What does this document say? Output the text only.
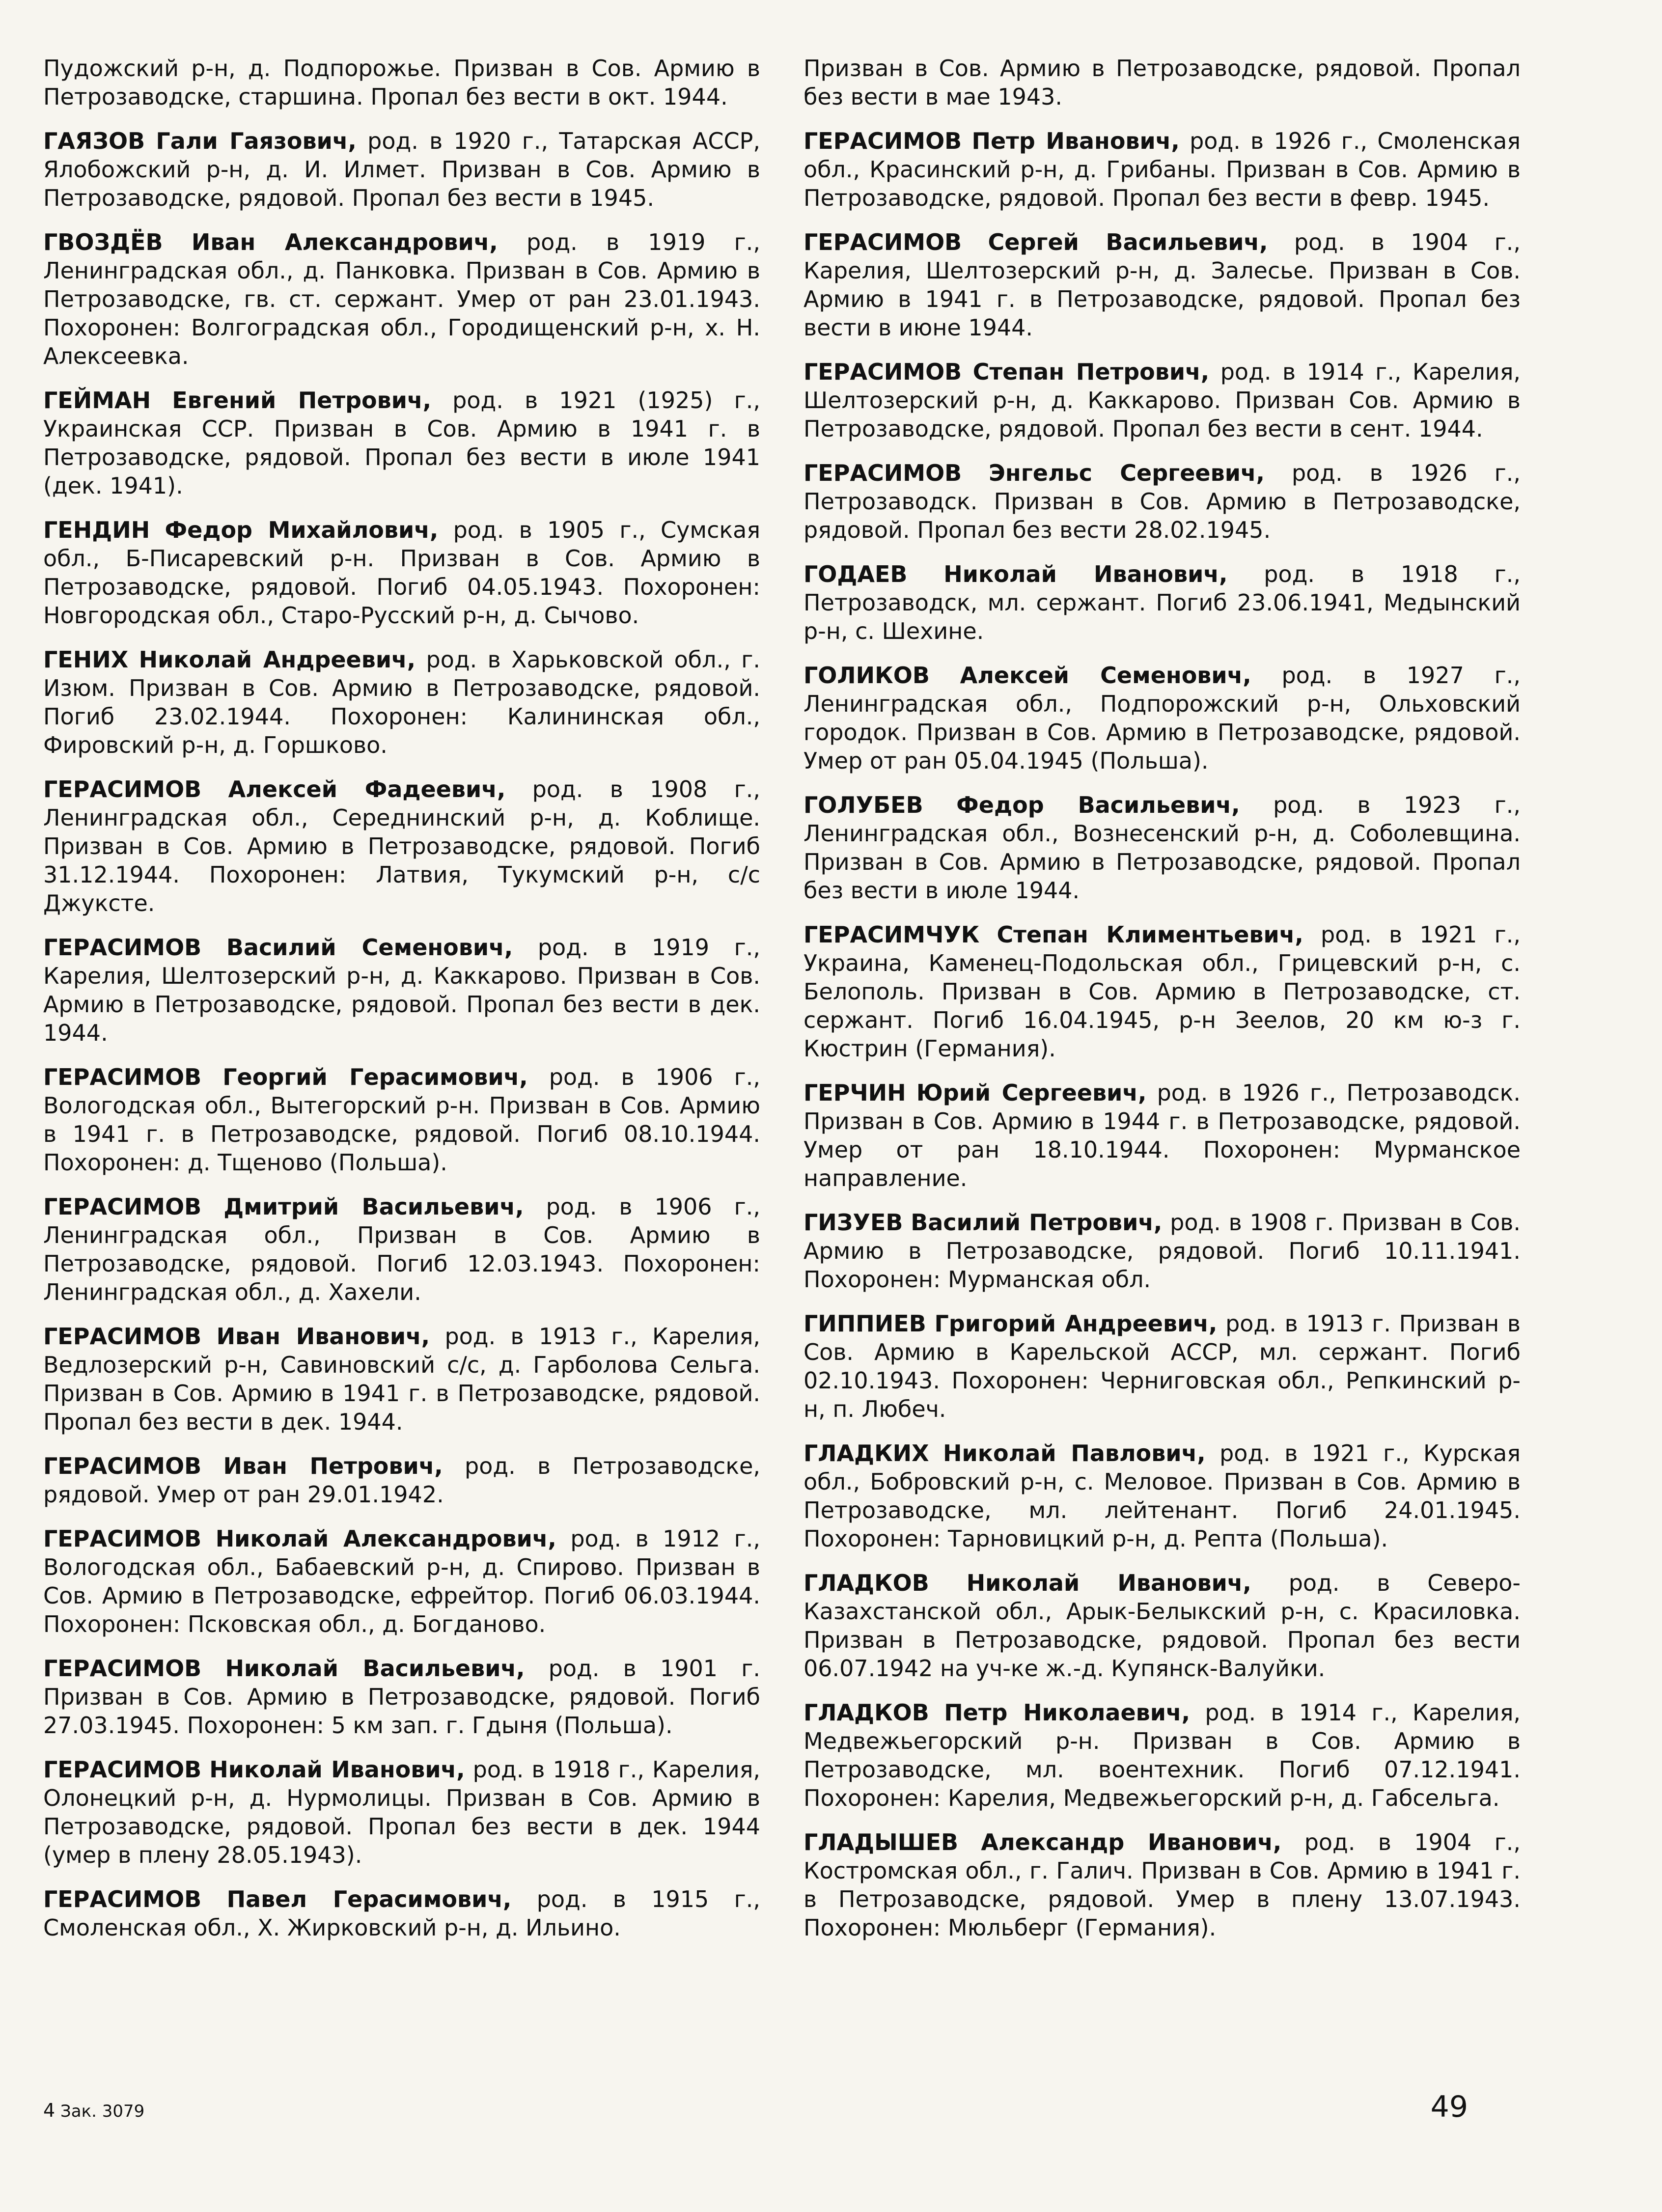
Пудожский р-н, д. Подпорожье. Призван в Сов. Армию в Петрозаводске, старшина. Пропал без вести в окт. 1944.

ГАЯЗОВ Гали Гаязович, род. в 1920 г., Татарская АССР, Ялобожский р-н, д. И. Илмет. Призван в Сов. Армию в Петрозаводске, рядовой. Пропал без вести в 1945.

ГВОЗДЁВ Иван Александрович, род. в 1919 г., Ленинградская обл., д. Панковка. Призван в Сов. Армию в Петрозаводске, гв. ст. сержант. Умер от ран 23.01.1943. Похоронен: Волгоградская обл., Городищенский р-н, х. Н. Алексеевка.

ГЕЙМАН Евгений Петрович, род. в 1921 (1925) г., Украинская ССР. Призван в Сов. Армию в 1941 г. в Петрозаводске, рядовой. Пропал без вести в июле 1941 (дек. 1941).

ГЕНДИН Федор Михайлович, род. в 1905 г., Сумская обл., Б-Писаревский р-н. Призван в Сов. Армию в Петрозаводске, рядовой. Погиб 04.05.1943. Похоронен: Новгородская обл., Старо-Русский р-н, д. Сычово.

ГЕНИХ Николай Андреевич, род. в Харьковской обл., г. Изюм. Призван в Сов. Армию в Петрозаводске, рядовой. Погиб 23.02.1944. Похоронен: Калининская обл., Фировский р-н, д. Горшково.

ГЕРАСИМОВ Алексей Фадеевич, род. в 1908 г., Ленинградская обл., Середнинский р-н, д. Коблище. Призван в Сов. Армию в Петрозаводске, рядовой. Погиб 31.12.1944. Похоронен: Латвия, Тукумский р-н, с/с Джукстe.

ГЕРАСИМОВ Василий Семенович, род. в 1919 г., Карелия, Шелтозерский р-н, д. Каккарово. Призван в Сов. Армию в Петрозаводске, рядовой. Пропал без вести в дек. 1944.

ГЕРАСИМОВ Георгий Герасимович, род. в 1906 г., Вологодская обл., Вытегорский р-н. Призван в Сов. Армию в 1941 г. в Петрозаводске, рядовой. Погиб 08.10.1944. Похоронен: д. Тщеново (Польша).

ГЕРАСИМОВ Дмитрий Васильевич, род. в 1906 г., Ленинградская обл., Призван в Сов. Армию в Петрозаводске, рядовой. Погиб 12.03.1943. Похоронен: Ленинградская обл., д. Хахели.

ГЕРАСИМОВ Иван Иванович, род. в 1913 г., Карелия, Ведлозерский р-н, Савиновский с/с, д. Гарболова Сельга. Призван в Сов. Армию в 1941 г. в Петрозаводске, рядовой. Пропал без вести в дек. 1944.

ГЕРАСИМОВ Иван Петрович, род. в Петрозаводске, рядовой. Умер от ран 29.01.1942.

ГЕРАСИМОВ Николай Александрович, род. в 1912 г., Вологодская обл., Бабаевский р-н, д. Спирово. Призван в Сов. Армию в Петрозаводске, ефрейтор. Погиб 06.03.1944. Похоронен: Псковская обл., д. Богданово.

ГЕРАСИМОВ Николай Васильевич, род. в 1901 г. Призван в Сов. Армию в Петрозаводске, рядовой. Погиб 27.03.1945. Похоронен: 5 км зап. г. Гдыня (Польша).

ГЕРАСИМОВ Николай Иванович, род. в 1918 г., Карелия, Олонецкий р-н, д. Нурмолицы. Призван в Сов. Армию в Петрозаводске, рядовой. Пропал без вести в дек. 1944 (умер в плену 28.05.1943).

ГЕРАСИМОВ Павел Герасимович, род. в 1915 г., Смоленская обл., Х. Жирковский р-н, д. Ильино.

Призван в Сов. Армию в Петрозаводске, рядовой. Пропал без вести в мае 1943.

ГЕРАСИМОВ Петр Иванович, род. в 1926 г., Смоленская обл., Красинский р-н, д. Грибаны. Призван в Сов. Армию в Петрозаводске, рядовой. Пропал без вести в февр. 1945.

ГЕРАСИМОВ Сергей Васильевич, род. в 1904 г., Карелия, Шелтозерский р-н, д. Залесье. Призван в Сов. Армию в 1941 г. в Петрозаводске, рядовой. Пропал без вести в июне 1944.

ГЕРАСИМОВ Степан Петрович, род. в 1914 г., Карелия, Шелтозерский р-н, д. Каккарово. Призван Сов. Армию в Петрозаводске, рядовой. Пропал без вести в сент. 1944.

ГЕРАСИМОВ Энгельс Сергеевич, род. в 1926 г., Петрозаводск. Призван в Сов. Армию в Петрозаводске, рядовой. Пропал без вести 28.02.1945.

ГОДАЕВ Николай Иванович, род. в 1918 г., Петрозаводск, мл. сержант. Погиб 23.06.1941, Медынский р-н, с. Шехине.

ГОЛИКОВ Алексей Семенович, род. в 1927 г., Ленинградская обл., Подпорожский р-н, Ольховский городок. Призван в Сов. Армию в Петрозаводске, рядовой. Умер от ран 05.04.1945 (Польша).

ГОЛУБЕВ Федор Васильевич, род. в 1923 г., Ленинградская обл., Вознесенский р-н, д. Соболевщина. Призван в Сов. Армию в Петрозаводске, рядовой. Пропал без вести в июле 1944.

ГЕРАСИМЧУК Степан Климентьевич, род. в 1921 г., Украина, Каменец-Подольская обл., Грицевский р-н, с. Белополь. Призван в Сов. Армию в Петрозаводске, ст. сержант. Погиб 16.04.1945, р-н Зеелов, 20 км ю-з г. Кюстрин (Германия).

ГЕРЧИН Юрий Сергеевич, род. в 1926 г., Петрозаводск. Призван в Сов. Армию в 1944 г. в Петрозаводске, рядовой. Умер от ран 18.10.1944. Похоронен: Мурманское направление.

ГИЗУЕВ Василий Петрович, род. в 1908 г. Призван в Сов. Армию в Петрозаводске, рядовой. Погиб 10.11.1941. Похоронен: Мурманская обл.

ГИППИЕВ Григорий Андреевич, род. в 1913 г. Призван в Сов. Армию в Карельской АССР, мл. сержант. Погиб 02.10.1943. Похоронен: Черниговская обл., Репкинский р-н, п. Любеч.

ГЛАДКИХ Николай Павлович, род. в 1921 г., Курская обл., Бобровский р-н, с. Меловое. Призван в Сов. Армию в Петрозаводске, мл. лейтенант. Погиб 24.01.1945. Похоронен: Тарновицкий р-н, д. Репта (Польша).

ГЛАДКОВ Николай Иванович, род. в Северо-Казахстанской обл., Арык-Белыкский р-н, с. Красиловка. Призван в Петрозаводске, рядовой. Пропал без вести 06.07.1942 на уч-ке ж.-д. Купянск-Валуйки.

ГЛАДКОВ Петр Николаевич, род. в 1914 г., Карелия, Медвежьегорский р-н. Призван в Сов. Армию в Петрозаводске, мл. воентехник. Погиб 07.12.1941. Похоронен: Карелия, Медвежьегорский р-н, д. Габсельга.

ГЛАДЫШЕВ Александр Иванович, род. в 1904 г., Костромская обл., г. Галич. Призван в Сов. Армию в 1941 г. в Петрозаводске, рядовой. Умер в плену 13.07.1943. Похоронен: Мюльберг (Германия).

4 Зак. 3079	49
